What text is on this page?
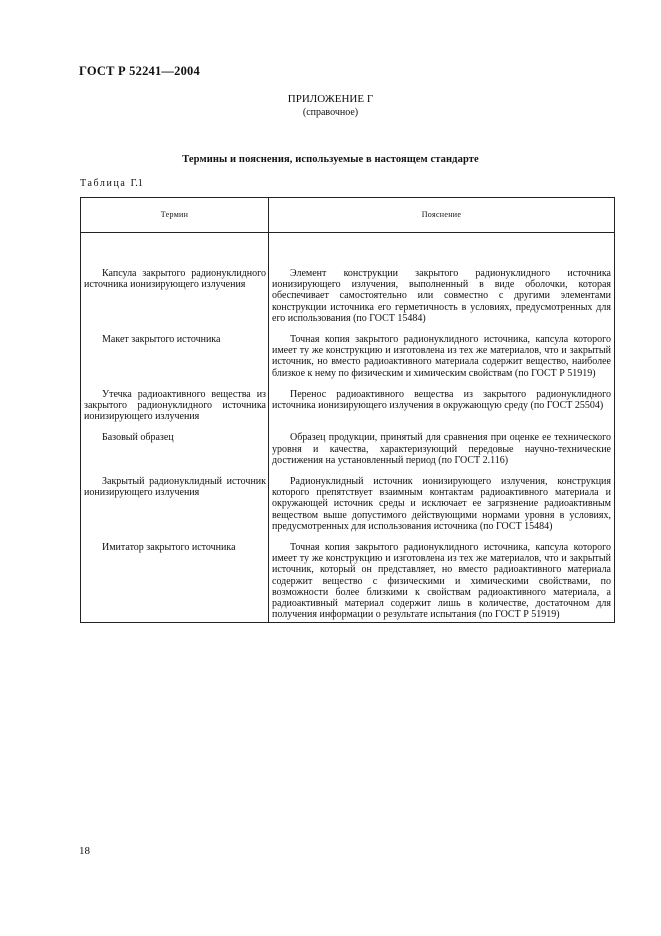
ГОСТ Р 52241—2004
ПРИЛОЖЕНИЕ Г
(справочное)
Термины и пояснения, используемые в настоящем стандарте
Таблица Г.1
Термин	Пояснение

Капсула закрытого радионуклидного источника ионизирующего излучения	Элемент конструкции закрытого радионуклидного источника ионизирующего излучения, выполненный в виде оболочки, которая обеспечивает самостоятельно или совместно с другими элементами конструкции источника его герметичность в условиях, предусмотренных для его использования (по ГОСТ 15484)

Макет закрытого источника	Точная копия закрытого радионуклидного источника, капсула которого имеет ту же конструкцию и изготовлена из тех же материалов, что и закрытый источник, но вместо радиоактивного материала содержит вещество, наиболее близкое к нему по физическим и химическим свойствам (по ГОСТ Р 51919)

Утечка радиоактивного вещества из закрытого радионуклидного источника ионизирующего излучения	Перенос радиоактивного вещества из закрытого радионуклидного источника ионизирующего излучения в окружающую среду (по ГОСТ 25504)

Базовый образец	Образец продукции, принятый для сравнения при оценке ее технического уровня и качества, характеризующий передовые научно-технические достижения на установленный период (по ГОСТ 2.116)

Закрытый радионуклидный источник ионизирующего излучения	Радионуклидный источник ионизирующего излучения, конструкция которого препятствует взаимным контактам радиоактивного материала и окружающей источник среды и исключает ее загрязнение радиоактивным веществом выше допустимого действующими нормами уровня в условиях, предусмотренных для использования источника (по ГОСТ 15484)

Имитатор закрытого источника	Точная копия закрытого радионуклидного источника, капсула которого имеет ту же конструкцию и изготовлена из тех же материалов, что и закрытый источник, который он представляет, но вместо радиоактивного материала содержит вещество с физическими и химическими свойствами, по возможности более близкими к свойствам радиоактивного материала, а радиоактивный материал содержит лишь в количестве, достаточном для получения информации о результате испытания (по ГОСТ Р 51919)
18
